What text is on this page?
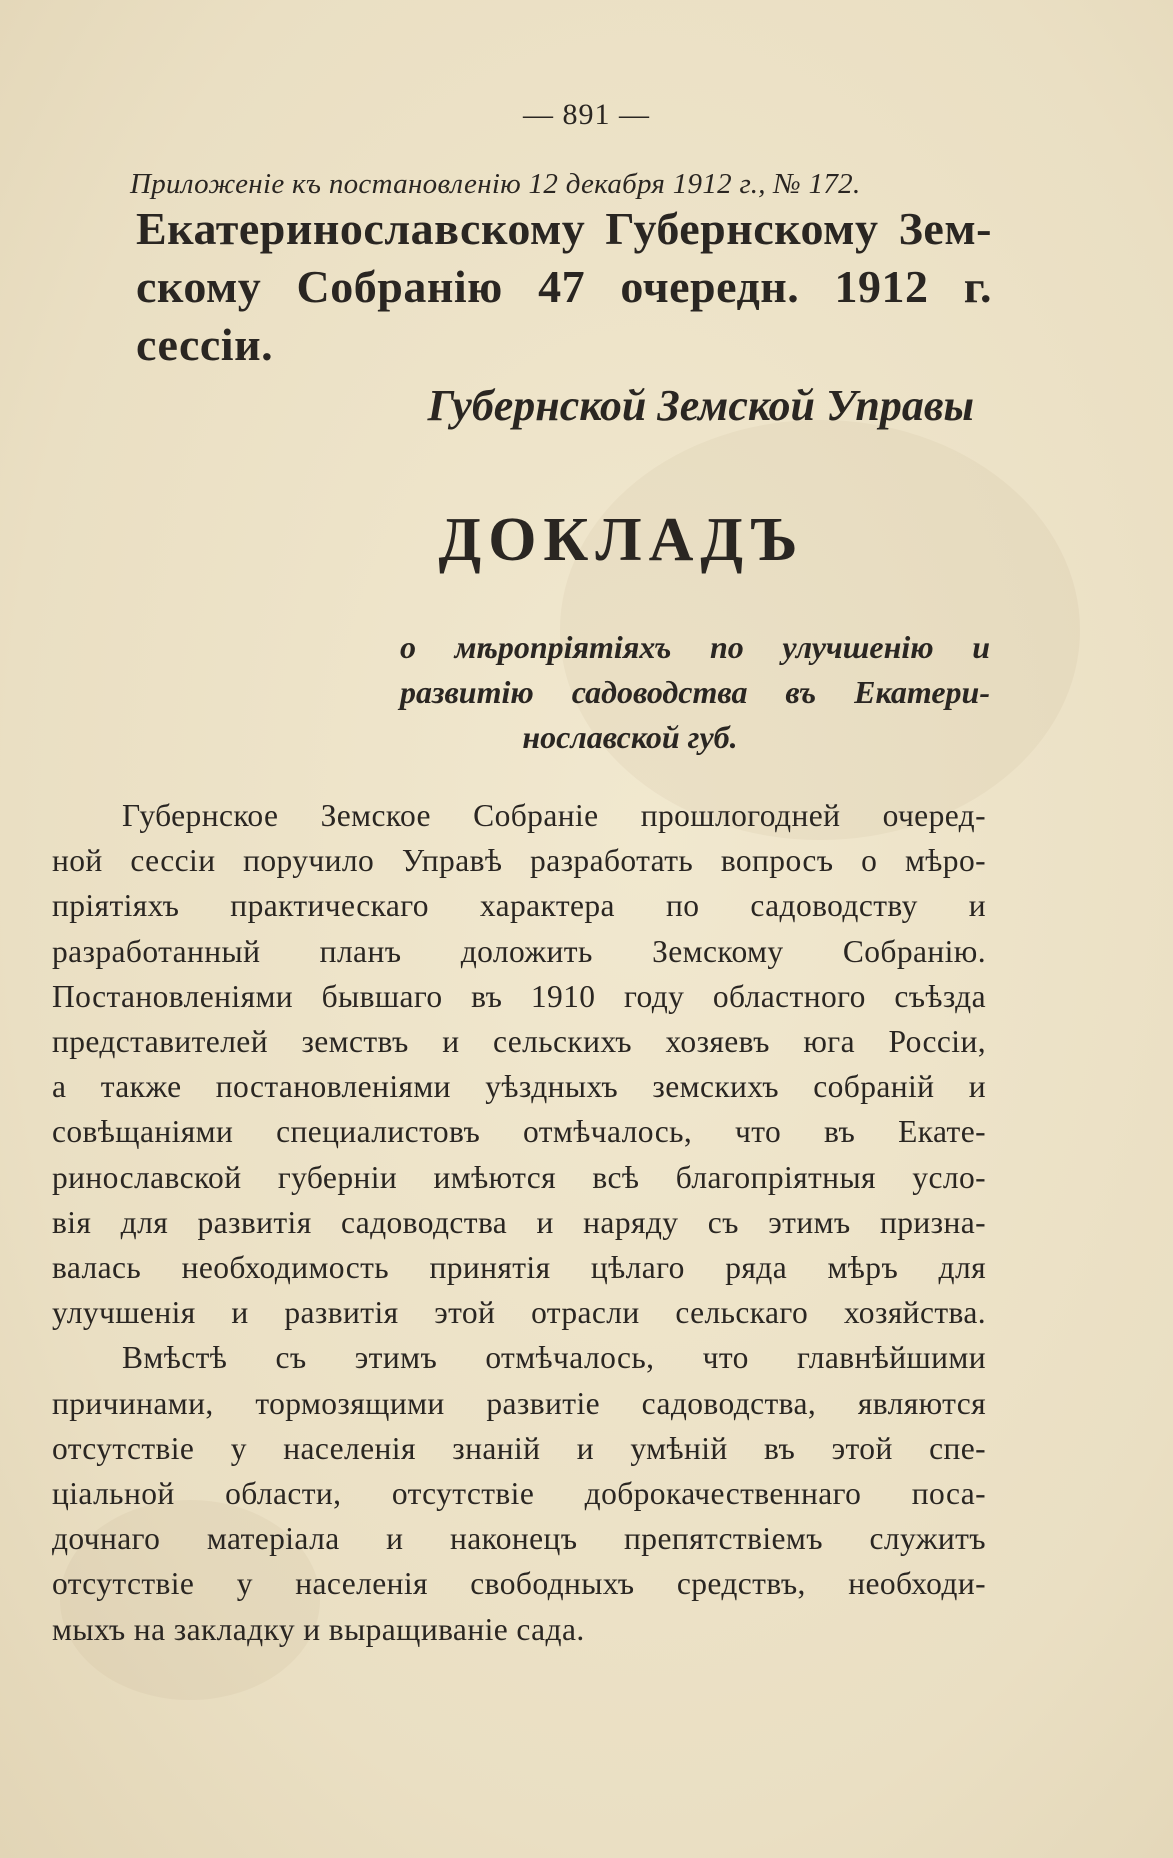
— 891 —
Приложеніе къ постановленію 12 декабря 1912 г., № 172.
Екатеринославскому Губернскому Зем-
скому Собранію 47 очередн. 1912 г. сессіи.
Губернской Земской Управы
ДОКЛАДЪ
о мѣропріятіяхъ по улучшенію и
развитію садоводства въ Екатери-
нославской губ.
Губернское Земское Собраніе прошлогодней очеред-
ной сессіи поручило Управѣ разработать вопросъ о мѣро-
пріятіяхъ практическаго характера по садоводству и
разработанный планъ доложить Земскому Собранію.
Постановленіями бывшаго въ 1910 году областного съѣзда
представителей земствъ и сельскихъ хозяевъ юга Россіи,
а также постановленіями уѣздныхъ земскихъ собраній и
совѣщаніями специалистовъ отмѣчалось, что въ Екате-
ринославской губерніи имѣются всѣ благопріятныя усло-
вія для развитія садоводства и наряду съ этимъ призна-
валась необходимость принятія цѣлаго ряда мѣръ для
улучшенія и развитія этой отрасли сельскаго хозяйства.
Вмѣстѣ съ этимъ отмѣчалось, что главнѣйшими
причинами, тормозящими развитіе садоводства, являются
отсутствіе у населенія знаній и умѣній въ этой спе-
ціальной области, отсутствіе доброкачественнаго поса-
дочнаго матеріала и наконецъ препятствіемъ служитъ
отсутствіе у населенія свободныхъ средствъ, необходи-
мыхъ на закладку и выращиваніе сада.
